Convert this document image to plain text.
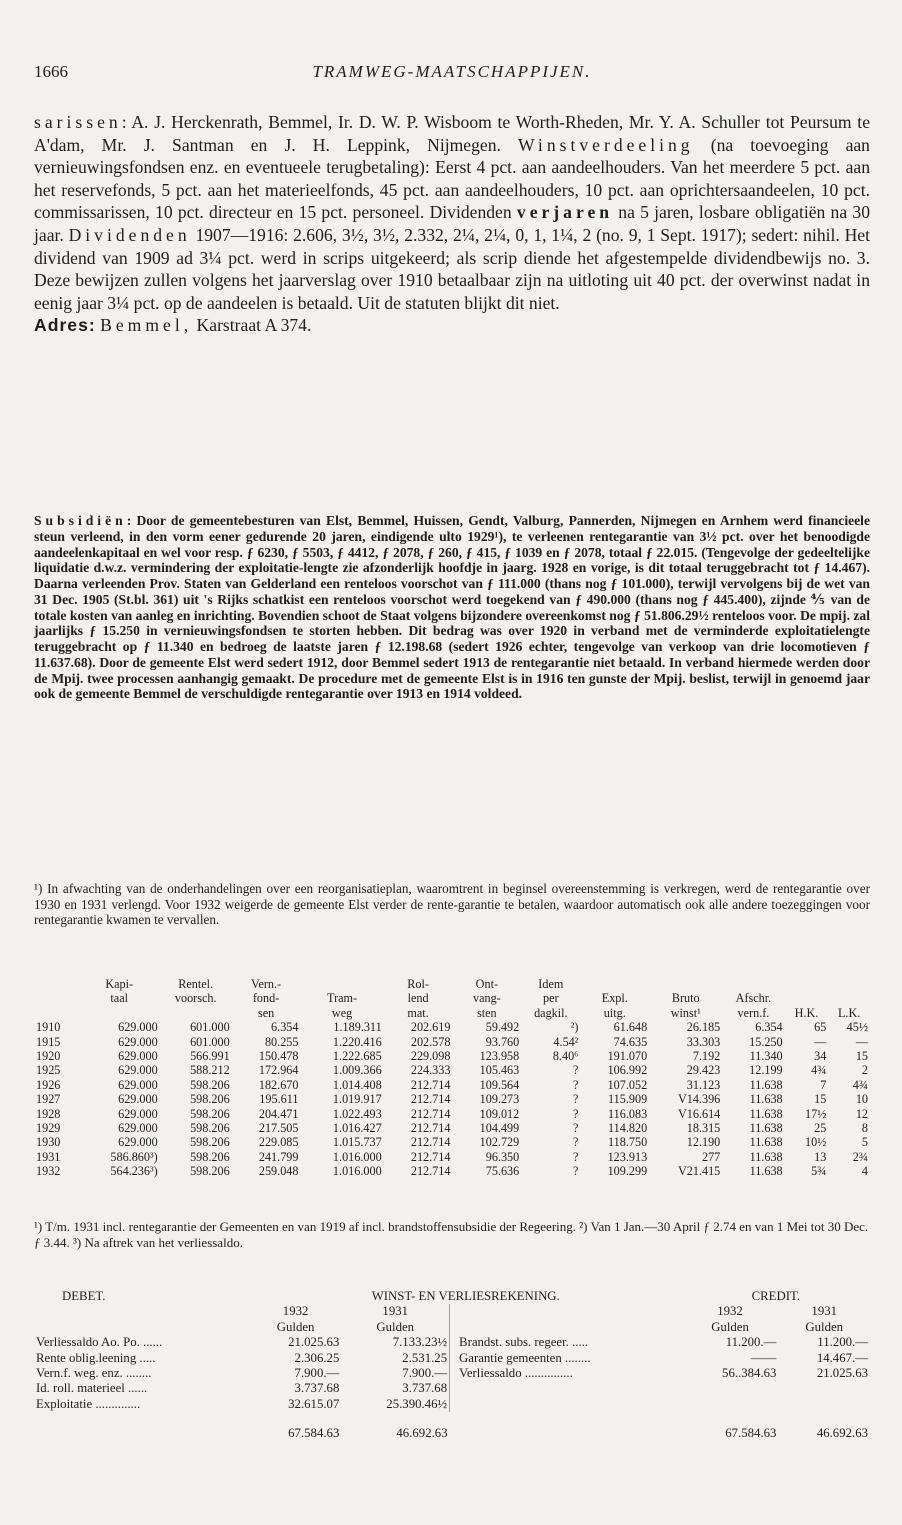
1666	TRAMWEG-MAATSCHAPPIJEN.

sarissen: A. J. Herckenrath, Bemmel, Ir. D. W. P. Wisboom te Worth-Rheden, Mr. Y. A. Schuller tot Peursum te A'dam, Mr. J. Santman en J. H. Leppink, Nijmegen. Winstverdeeling (na toevoeging aan vernieuwingsfondsen enz. en eventueele terugbetaling): Eerst 4 pct. aan aandeelhouders. Van het meerdere 5 pct. aan het reservefonds, 5 pct. aan het materieelfonds, 45 pct. aan aandeelhouders, 10 pct. aan oprichtersaandeelen, 10 pct. commissarissen, 10 pct. directeur en 15 pct. personeel. Dividenden verjaren na 5 jaren, losbare obligatiën na 30 jaar. Dividenden 1907—1916: 2.606, 3½, 3½, 2.332, 2¼, 2¼, 0, 1, 1¼, 2 (no. 9, 1 Sept. 1917); sedert: nihil. Het dividend van 1909 ad 3¼ pct. werd in scrips uitgekeerd; als scrip diende het afgestempelde dividendbewijs no. 3. Deze bewijzen zullen volgens het jaarverslag over 1910 betaalbaar zijn na uitloting uit 40 pct. der overwinst nadat in eenig jaar 3¼ pct. op de aandeelen is betaald. Uit de statuten blijkt dit niet.

Adres: Bemmel, Karstraat A 374.

Subsidiën: Door de gemeentebesturen van Elst, Bemmel, Huissen, Gendt, Valburg, Pannerden, Nijmegen en Arnhem werd financieele steun verleend, in den vorm eener gedurende 20 jaren, eindigende ulto 1929¹), te verleenen rentegarantie van 3½ pct. over het benoodigde aandeelenkapitaal en wel voor resp. ƒ 6230, ƒ 5503, ƒ 4412, ƒ 2078, ƒ 260, ƒ 415, ƒ 1039 en ƒ 2078, totaal ƒ 22.015. (Tengevolge der gedeeltelijke liquidatie d.w.z. vermindering der exploitatie-lengte zie afzonderlijk hoofdje in jaarg. 1928 en vorige, is dit totaal teruggebracht tot ƒ 14.467). Daarna verleenden Prov. Staten van Gelderland een renteloos voorschot van ƒ 111.000 (thans nog ƒ 101.000), terwijl vervolgens bij de wet van 31 Dec. 1905 (St.bl. 361) uit 's Rijks schatkist een renteloos voorschot werd toegekend van ƒ 490.000 (thans nog ƒ 445.400), zijnde ⅘ van de totale kosten van aanleg en inrichting. Bovendien schoot de Staat volgens bijzondere overeenkomst nog ƒ 51.806.29½ renteloos voor. De mpij. zal jaarlijks ƒ 15.250 in vernieuwingsfondsen te storten hebben. Dit bedrag was over 1920 in verband met de verminderde exploitatielengte teruggebracht op ƒ 11.340 en bedroeg de laatste jaren ƒ 12.198.68 (sedert 1926 echter, tengevolge van verkoop van drie locomotieven ƒ 11.637.68). Door de gemeente Elst werd sedert 1912, door Bemmel sedert 1913 de rentegarantie niet betaald. In verband hiermede werden door de Mpij. twee processen aanhangig gemaakt. De procedure met de gemeente Elst is in 1916 ten gunste der Mpij. beslist, terwijl in genoemd jaar ook de gemeente Bemmel de verschuldigde rentegarantie over 1913 en 1914 voldeed.

¹) In afwachting van de onderhandelingen over een reorganisatieplan, waaromtrent in beginsel overeenstemming is verkregen, werd de rentegarantie over 1930 en 1931 verlengd. Voor 1932 weigerde de gemeente Elst verder de rente-garantie te betalen, waardoor automatisch ook alle andere toezeggingen voor rentegarantie kwamen te vervallen.

	Kapi-	Rentel.	Vern.-		Rol-	Ont-	Idem					
	taal	voorsch.	fond-	Tram-	lend	vang-	per	Expl.	Bruto	Afschr.		
			sen	weg	mat.	sten	dagkil.	uitg.	winst¹	vern.f.	H.K.	L.K.
1910	629.000	601.000	6.354	1.189.311	202.619	59.492	²)	61.648	26.185	6.354	65	45½
1915	629.000	601.000	80.255	1.220.416	202.578	93.760	4.54²	74.635	33.303	15.250	—	—
1920	629.000	566.991	150.478	1.222.685	229.098	123.958	8.40⁶	191.070	7.192	11.340	34	15
1925	629.000	588.212	172.964	1.009.366	224.333	105.463	?	106.992	29.423	12.199	4¾	2
1926	629.000	598.206	182.670	1.014.408	212.714	109.564	?	107.052	31.123	11.638	7	4¾
1927	629.000	598.206	195.611	1.019.917	212.714	109.273	?	115.909	V14.396	11.638	15	10
1928	629.000	598.206	204.471	1.022.493	212.714	109.012	?	116.083	V16.614	11.638	17½	12
1929	629.000	598.206	217.505	1.016.427	212.714	104.499	?	114.820	18.315	11.638	25	8
1930	629.000	598.206	229.085	1.015.737	212.714	102.729	?	118.750	12.190	11.638	10½	5
1931	586.860³)	598.206	241.799	1.016.000	212.714	96.350	?	123.913	277	11.638	13	2¾
1932	564.236³)	598.206	259.048	1.016.000	212.714	75.636	?	109.299	V21.415	11.638	5¾	4

¹) T/m. 1931 incl. rentegarantie der Gemeenten en van 1919 af incl. brandstoffensubsidie der Regeering. ²) Van 1 Jan.—30 April ƒ 2.74 en van 1 Mei tot 30 Dec. ƒ 3.44. ³) Na aftrek van het verliessaldo.

DEBET.	WINST- EN VERLIESREKENING.				CREDIT.	
	1932	1931			1932	1931
	Gulden	Gulden			Gulden	Gulden
Verliessaldo Ao. Po. ......	21.025.63	7.133.23½		Brandst. subs. regeer. .....	11.200.—	11.200.—
Rente oblig.leening .....	2.306.25	2.531.25		Garantie gemeenten ........	——	14.467.—
Vern.f. weg. enz. ........	7.900.—	7.900.—		Verliessaldo ...............	56..384.63	21.025.63
Id. roll. materieel ......	3.737.68	3.737.68				
Exploitatie ..............	32.615.07	25.390.46½				

	67.584.63	46.692.63			67.584.63	46.692.63
